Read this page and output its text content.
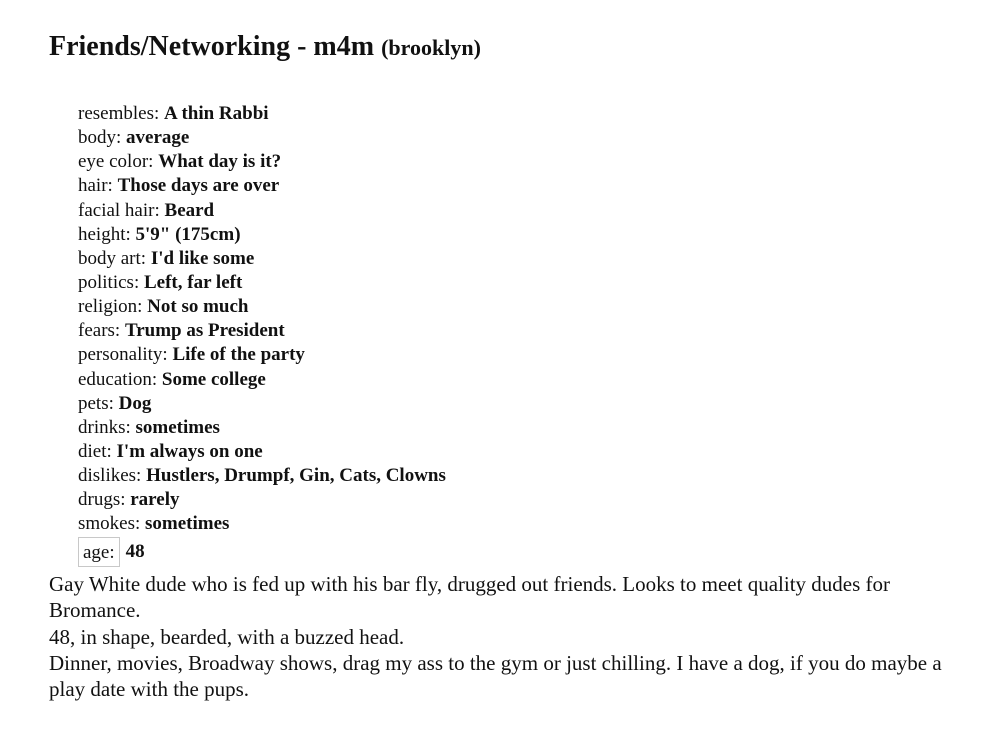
Friends/Networking - m4m (brooklyn)
resembles: A thin Rabbi
body: average
eye color: What day is it?
hair: Those days are over
facial hair: Beard
height: 5'9" (175cm)
body art: I'd like some
politics: Left, far left
religion: Not so much
fears: Trump as President
personality: Life of the party
education: Some college
pets: Dog
drinks: sometimes
diet: I'm always on one
dislikes: Hustlers, Drumpf, Gin, Cats, Clowns
drugs: rarely
smokes: sometimes
age: 48

Gay White dude who is fed up with his bar fly, drugged out friends. Looks to meet quality dudes for Bromance.

48, in shape, bearded, with a buzzed head.

Dinner, movies, Broadway shows, drag my ass to the gym or just chilling. I have a dog, if you do maybe a play date with the pups.
